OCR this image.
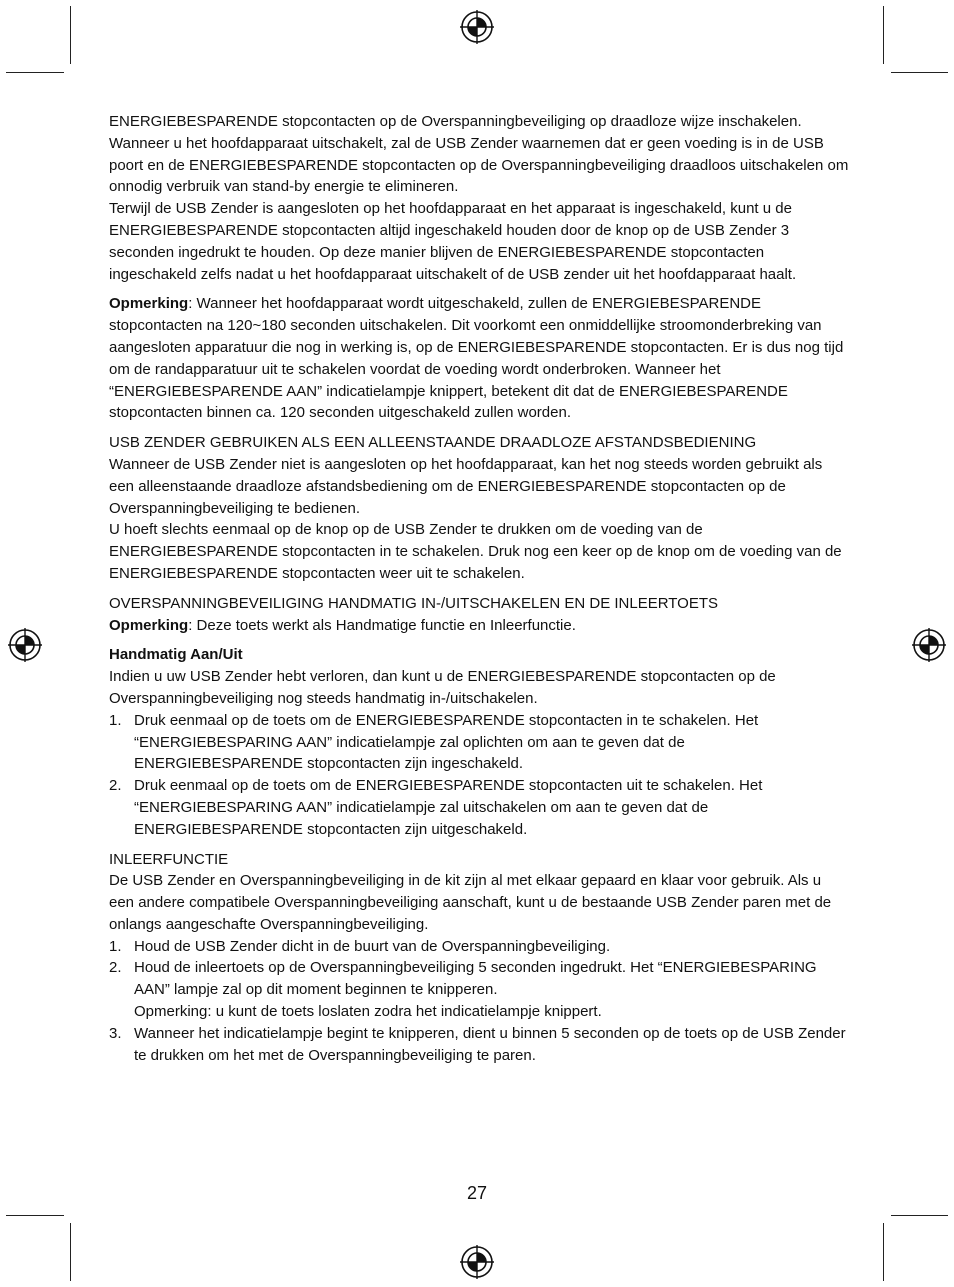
ENERGIEBESPARENDE stopcontacten op de Overspanningbeveiliging op draadloze wijze inschakelen. Wanneer u het hoofdapparaat uitschakelt, zal de USB Zender waarnemen dat er geen voeding is in de USB poort en de ENERGIEBESPARENDE stopcontacten op de Overspanningbeveiliging draadloos uitschakelen om onnodig verbruik van stand-by energie te elimineren.

Terwijl de USB Zender is aangesloten op het hoofdapparaat en het apparaat is ingeschakeld, kunt u de ENERGIEBESPARENDE stopcontacten altijd ingeschakeld houden door de knop op de USB Zender 3 seconden ingedrukt te houden. Op deze manier blijven de ENERGIEBESPARENDE stopcontacten ingeschakeld zelfs nadat u het hoofdapparaat uitschakelt of de USB zender uit het hoofdapparaat haalt.

Opmerking: Wanneer het hoofdapparaat wordt uitgeschakeld, zullen de ENERGIEBESPARENDE stopcontacten na 120~180 seconden uitschakelen. Dit voorkomt een onmiddellijke stroomonderbreking van aangesloten apparatuur die nog in werking is, op de ENERGIEBESPARENDE stopcontacten. Er is dus nog tijd om de randapparatuur uit te schakelen voordat de voeding wordt onderbroken. Wanneer het “ENERGIEBESPARENDE AAN” indicatielampje knippert, betekent dit dat de ENERGIEBESPARENDE stopcontacten binnen ca. 120 seconden uitgeschakeld zullen worden.

USB ZENDER GEBRUIKEN ALS EEN ALLEENSTAANDE DRAADLOZE AFSTANDSBEDIENING

Wanneer de USB Zender niet is aangesloten op het hoofdapparaat, kan het nog steeds worden gebruikt als een alleenstaande draadloze afstandsbediening om de ENERGIEBESPARENDE stopcontacten op de Overspanningbeveiliging te bedienen.

U hoeft slechts eenmaal op de knop op de USB Zender te drukken om de voeding van de ENERGIEBESPARENDE stopcontacten in te schakelen. Druk nog een keer op de knop om de voeding van de ENERGIEBESPARENDE stopcontacten weer uit te schakelen.

OVERSPANNINGBEVEILIGING HANDMATIG IN-/UITSCHAKELEN EN DE INLEERTOETS

Opmerking: Deze toets werkt als Handmatige functie en Inleerfunctie.

Handmatig Aan/Uit

Indien u uw USB Zender hebt verloren, dan kunt u de ENERGIEBESPARENDE stopcontacten op de Overspanningbeveiliging nog steeds handmatig in-/uitschakelen.

1. Druk eenmaal op de toets om de ENERGIEBESPARENDE stopcontacten in te schakelen. Het “ENERGIEBESPARING AAN” indicatielampje zal oplichten om aan te geven dat de ENERGIEBESPARENDE stopcontacten zijn ingeschakeld.
2. Druk eenmaal op de toets om de ENERGIEBESPARENDE stopcontacten uit te schakelen. Het “ENERGIEBESPARING AAN” indicatielampje zal uitschakelen om aan te geven dat de ENERGIEBESPARENDE stopcontacten zijn uitgeschakeld.

INLEERFUNCTIE

De USB Zender en Overspanningbeveiliging in de kit zijn al met elkaar gepaard en klaar voor gebruik. Als u een andere compatibele Overspanningbeveiliging aanschaft, kunt u de bestaande USB Zender paren met de onlangs aangeschafte Overspanningbeveiliging.

1. Houd de USB Zender dicht in de buurt van de Overspanningbeveiliging.
2. Houd de inleertoets op de Overspanningbeveiliging 5 seconden ingedrukt. Het “ENERGIEBESPARING AAN” lampje zal op dit moment beginnen te knipperen.
Opmerking: u kunt de toets loslaten zodra het indicatielampje knippert.
3. Wanneer het indicatielampje begint te knipperen, dient u binnen 5 seconden op de toets op de USB Zender te drukken om het met de Overspanningbeveiliging te paren.
27
